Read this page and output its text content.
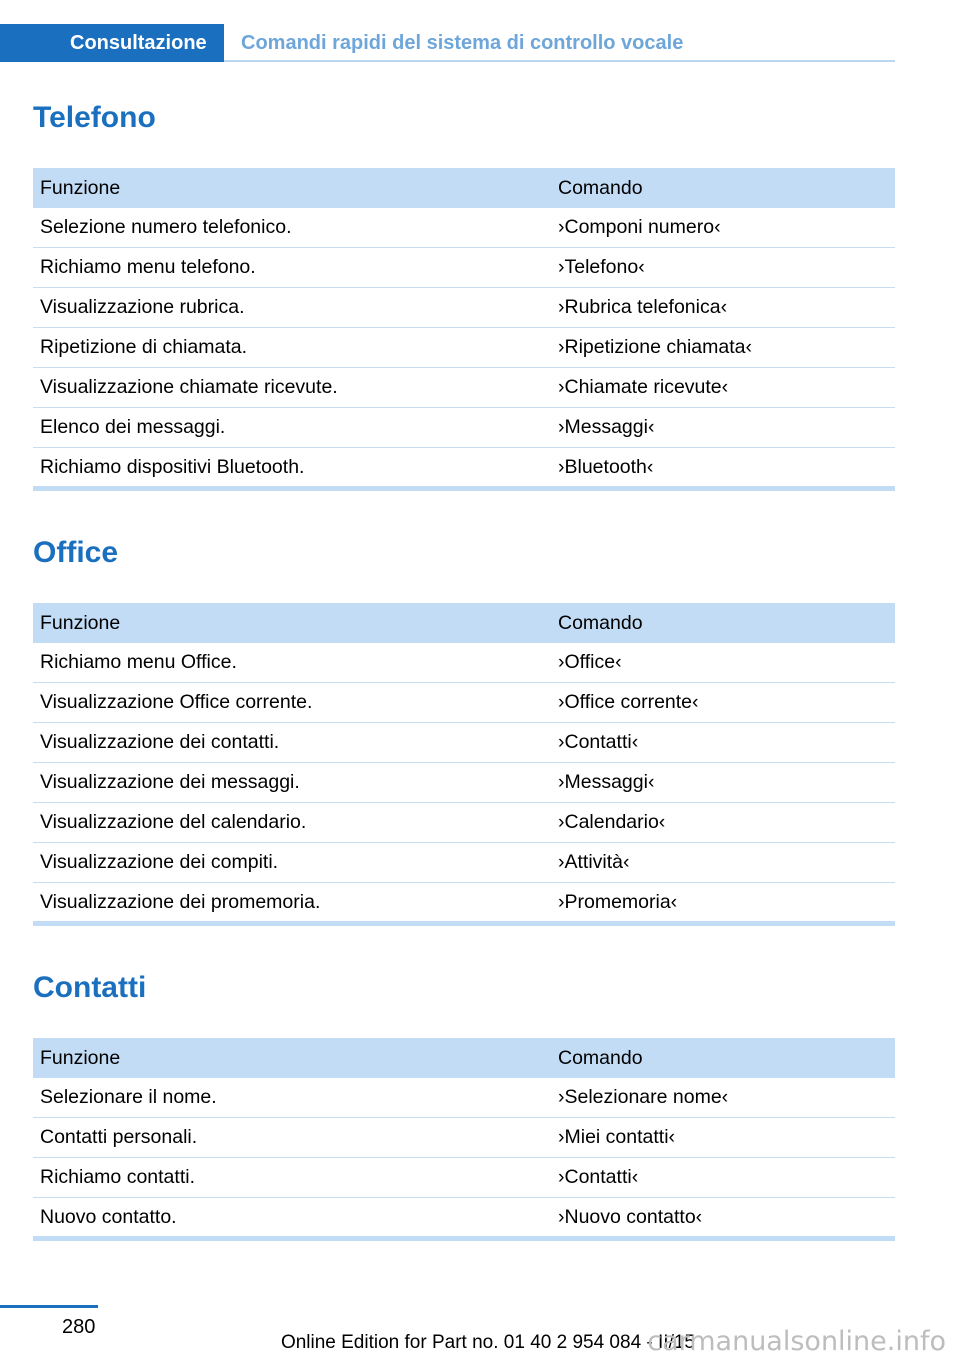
Consultazione	Comandi rapidi del sistema di controllo vocale
Telefono
Funzione	Comando
Selezione numero telefonico.	›Componi numero‹
Richiamo menu telefono.	›Telefono‹
Visualizzazione rubrica.	›Rubrica telefonica‹
Ripetizione di chiamata.	›Ripetizione chiamata‹
Visualizzazione chiamate ricevute.	›Chiamate ricevute‹
Elenco dei messaggi.	›Messaggi‹
Richiamo dispositivi Bluetooth.	›Bluetooth‹
Office
Funzione	Comando
Richiamo menu Office.	›Office‹
Visualizzazione Office corrente.	›Office corrente‹
Visualizzazione dei contatti.	›Contatti‹
Visualizzazione dei messaggi.	›Messaggi‹
Visualizzazione del calendario.	›Calendario‹
Visualizzazione dei compiti.	›Attività‹
Visualizzazione dei promemoria.	›Promemoria‹
Contatti
Funzione	Comando
Selezionare il nome.	›Selezionare nome‹
Contatti personali.	›Miei contatti‹
Richiamo contatti.	›Contatti‹
Nuovo contatto.	›Nuovo contatto‹
280
Online Edition for Part no. 01 40 2 954 084 - II/15
carmanualsonline.info
